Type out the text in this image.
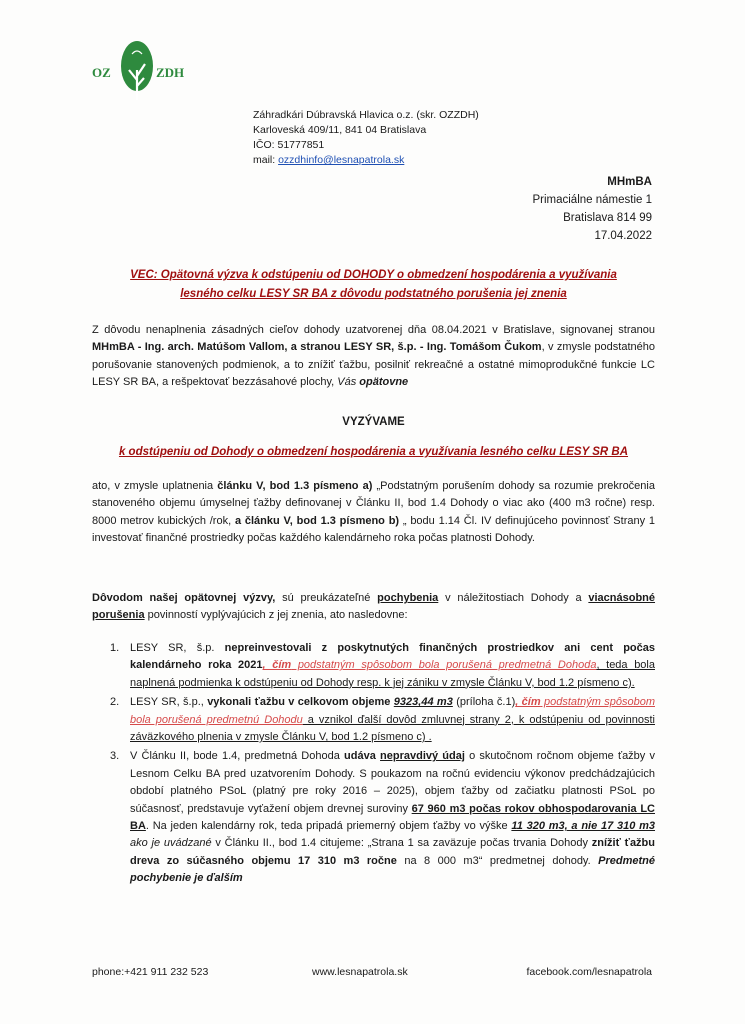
OZ	ZDH
Záhradkári Dúbravská Hlavica o.z. (skr. OZZDH)
Karloveská 409/11, 841 04 Bratislava
IČO: 51777851
mail: ozzdhinfo@lesnapatrola.sk
MHmBA
Primaciálne námestie 1
Bratislava 814 99
17.04.2022
VEC: Opätovná výzva k odstúpeniu od DOHODY o obmedzení hospodárenia a využívania
lesného celku LESY SR BA z dôvodu podstatného porušenia jej znenia
Z dôvodu nenaplnenia zásadných cieľov dohody uzatvorenej dňa 08.04.2021 v Bratislave, signovanej stranou MHmBA - Ing. arch. Matúšom Vallom, a stranou LESY SR, š.p. - Ing. Tomášom Čukom, v zmysle podstatného porušovanie stanovených podmienok, a to znížiť ťažbu, posilniť rekreačné a ostatné mimoprodukčné funkcie LC LESY SR BA, a rešpektovať bezzásahové plochy, Vás opätovne
VYZÝVAME
k odstúpeniu od Dohody o obmedzení hospodárenia a využívania lesného celku LESY SR BA
ato, v zmysle uplatnenia článku V, bod 1.3 písmeno a) „Podstatným porušením dohody sa rozumie prekročenia stanoveného objemu úmyselnej ťažby definovanej v Článku II, bod 1.4 Dohody o viac ako (400 m3 ročne) resp. 8000 metrov kubických /rok, a článku V, bod 1.3 písmeno b) „ bodu 1.14 Čl. IV definujúceho povinnosť Strany 1 investovať finančné prostriedky počas každého kalendárneho roka počas platnosti Dohody.
Dôvodom našej opätovnej výzvy, sú preukázateľné pochybenia v náležitostiach Dohody a viacnásobné porušenia povinností vyplývajúcich z jej znenia, ato nasledovne:
1. LESY SR, š.p. nepreinvestovali z poskytnutých finančných prostriedkov ani cent počas kalendárneho roka 2021, čím podstatným spôsobom bola porušená predmetná Dohoda, teda bola naplnená podmienka k odstúpeniu od Dohody resp. k jej zániku v zmysle Článku V, bod 1.2 písmeno c).
2. LESY SR, š.p., vykonali ťažbu v celkovom objeme 9323,44 m3 (príloha č.1), čím podstatným spôsobom bola porušená predmetnú Dohodu a vznikol ďalší dovôd zmluvnej strany 2, k odstúpeniu od povinnosti záväzkového plnenia v zmysle Článku V, bod 1.2 písmeno c) .
3. V Článku II, bode 1.4, predmetná Dohoda udáva nepravdivý údaj o skutočnom ročnom objeme ťažby v Lesnom Celku BA pred uzatvorením Dohody. S poukazom na ročnú evidenciu výkonov predchádzajúcich období platného PSoL (platný pre roky 2016 – 2025), objem ťažby od začiatku platnosti PSoL po súčasnosť, predstavuje vyťažení objem drevnej suroviny 67 960 m3 počas rokov obhospodarovania LC BA. Na jeden kalendárny rok, teda pripadá priemerný objem ťažby vo výške 11 320 m3, a nie 17 310 m3 ako je uvádzané v Článku II., bod 1.4 citujeme: „Strana 1 sa zaväzuje počas trvania Dohody znížiť ťažbu dreva zo súčasného objemu 17 310 m3 ročne na 8 000 m3“ predmetnej dohody. Predmetné pochybenie je ďalším
phone:+421 911 232 523	www.lesnapatrola.sk	facebook.com/lesnapatrola
